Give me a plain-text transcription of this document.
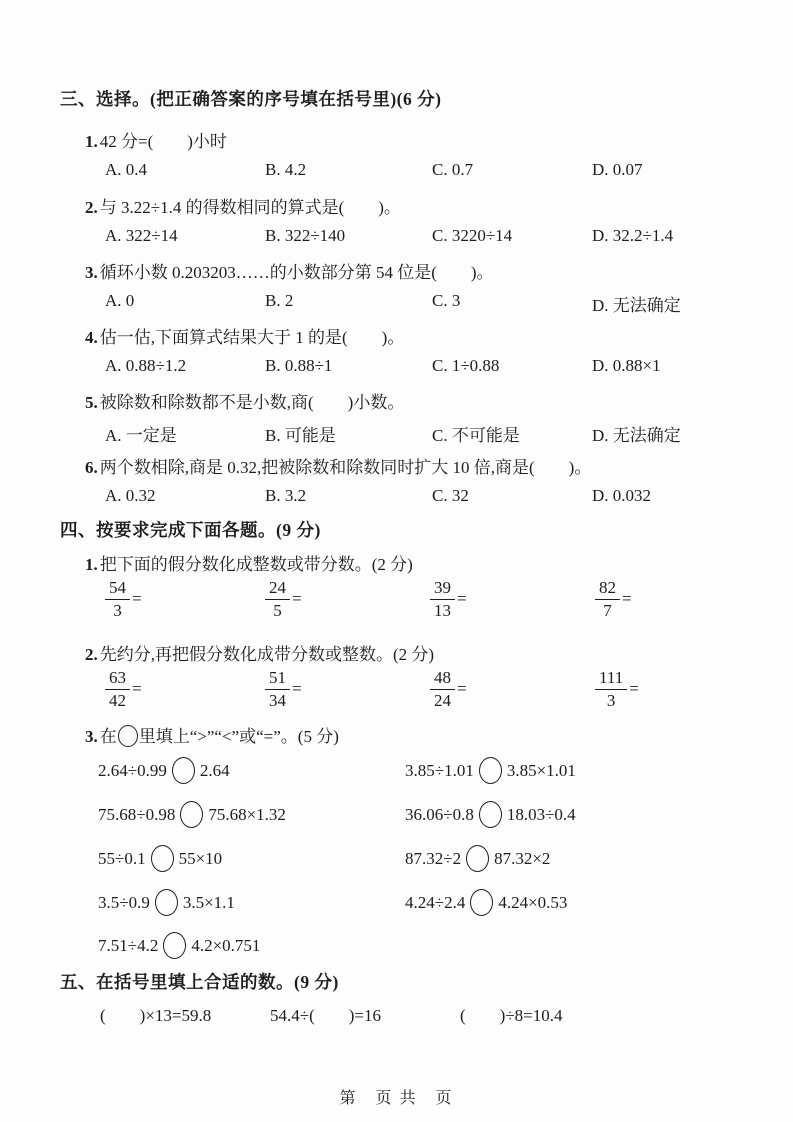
三、选择。(把正确答案的序号填在括号里)(6 分)
1. 42 分=(　　)小时
A. 0.4	B. 4.2	C. 0.7	D. 0.07
2. 与 3.22÷1.4 的得数相同的算式是(　　)。
A. 322÷14	B. 322÷140	C. 3220÷14	D. 32.2÷1.4
3. 循环小数 0.203203……的小数部分第 54 位是(　　)。
A. 0	B. 2	C. 3	D. 无法确定
4. 估一估,下面算式结果大于 1 的是(　　)。
A. 0.88÷1.2	B. 0.88÷1	C. 1÷0.88	D. 0.88×1
5. 被除数和除数都不是小数,商(　　)小数。
A. 一定是	B. 可能是	C. 不可能是	D. 无法确定
6. 两个数相除,商是 0.32,把被除数和除数同时扩大 10 倍,商是(　　)。
A. 0.32	B. 3.2	C. 32	D. 0.032
四、按要求完成下面各题。(9 分)
1. 把下面的假分数化成整数或带分数。(2 分)
$\frac{54}{3}$ =	$\frac{24}{5}$ =	$\frac{39}{13}$ =	$\frac{82}{7}$ =
2. 先约分,再把假分数化成带分数或整数。(2 分)
$\frac{63}{42}$ =	$\frac{51}{34}$ =	$\frac{48}{24}$ =	$\frac{111}{3}$ =
3. 在 里填上“>”“<”或“=”。(5 分)
2.64÷0.99 2.64	3.85÷1.01 3.85×1.01
75.68÷0.98 75.68×1.32	36.06÷0.8 18.03÷0.4
55÷0.1 55×10	87.32÷2 87.32×2
3.5÷0.9 3.5×1.1	4.24÷2.4 4.24×0.53
7.51÷4.2 4.2×0.751
五、在括号里填上合适的数。(9 分)
(　　)×13=59.8	54.4÷(　　)=16	(　　)÷8=10.4
第　页 共　页
